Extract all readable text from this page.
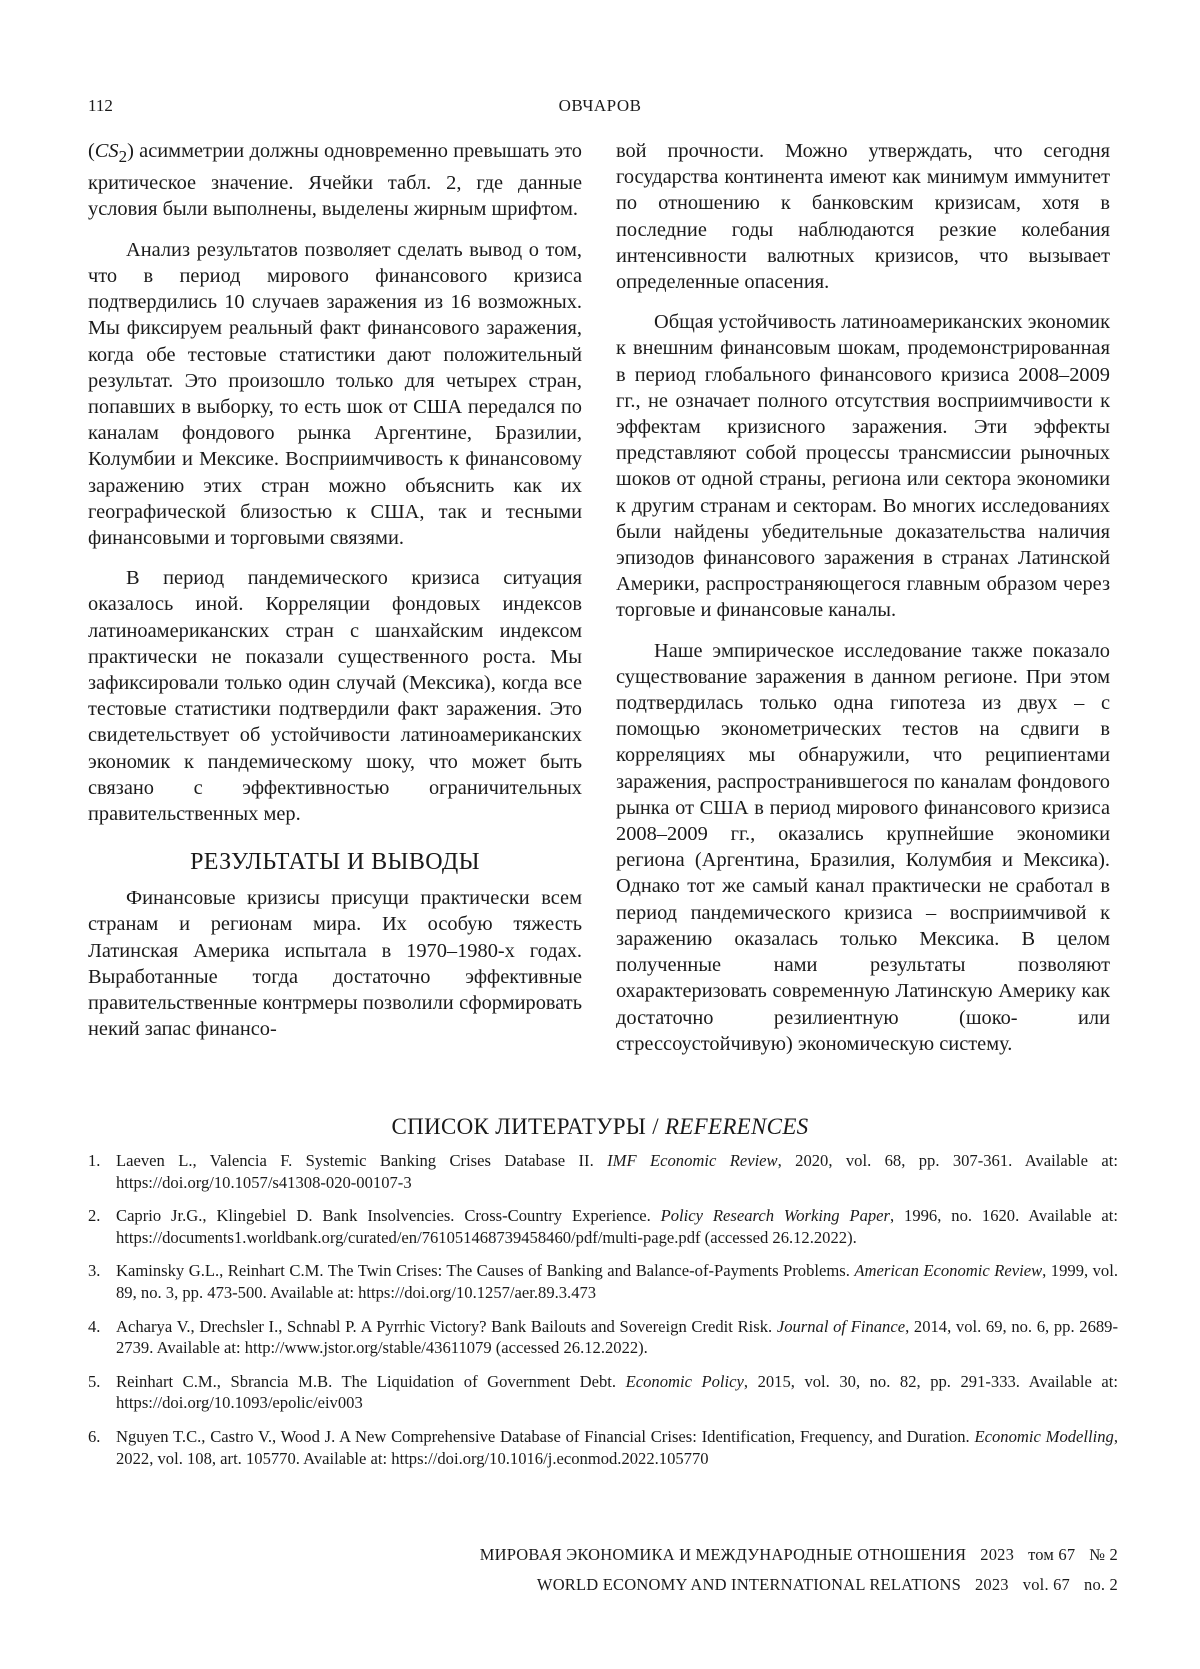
112	ОВЧАРОВ

$(CS_2)$ асимметрии должны одновременно превышать это критическое значение. Ячейки табл. 2, где данные условия были выполнены, выделены жирным шрифтом.

Анализ результатов позволяет сделать вывод о том, что в период мирового финансового кризиса подтвердились 10 случаев заражения из 16 возможных. Мы фиксируем реальный факт финансового заражения, когда обе тестовые статистики дают положительный результат. Это произошло только для четырех стран, попавших в выборку, то есть шок от США передался по каналам фондового рынка Аргентине, Бразилии, Колумбии и Мексике. Восприимчивость к финансовому заражению этих стран можно объяснить как их географической близостью к США, так и тесными финансовыми и торговыми связями.

В период пандемического кризиса ситуация оказалось иной. Корреляции фондовых индексов латиноамериканских стран с шанхайским индексом практически не показали существенного роста. Мы зафиксировали только один случай (Мексика), когда все тестовые статистики подтвердили факт заражения. Это свидетельствует об устойчивости латиноамериканских экономик к пандемическому шоку, что может быть связано с эффективностью ограничительных правительственных мер.

РЕЗУЛЬТАТЫ И ВЫВОДЫ

Финансовые кризисы присущи практически всем странам и регионам мира. Их особую тяжесть Латинская Америка испытала в 1970–1980-х годах. Выработанные тогда достаточно эффективные правительственные контрмеры позволили сформировать некий запас финансо-

вой прочности. Можно утверждать, что сегодня государства континента имеют как минимум иммунитет по отношению к банковским кризисам, хотя в последние годы наблюдаются резкие колебания интенсивности валютных кризисов, что вызывает определенные опасения.

Общая устойчивость латиноамериканских экономик к внешним финансовым шокам, продемонстрированная в период глобального финансового кризиса 2008–2009 гг., не означает полного отсутствия восприимчивости к эффектам кризисного заражения. Эти эффекты представляют собой процессы трансмиссии рыночных шоков от одной страны, региона или сектора экономики к другим странам и секторам. Во многих исследованиях были найдены убедительные доказательства наличия эпизодов финансового заражения в странах Латинской Америки, распространяющегося главным образом через торговые и финансовые каналы.

Наше эмпирическое исследование также показало существование заражения в данном регионе. При этом подтвердилась только одна гипотеза из двух – с помощью эконометрических тестов на сдвиги в корреляциях мы обнаружили, что реципиентами заражения, распространившегося по каналам фондового рынка от США в период мирового финансового кризиса 2008–2009 гг., оказались крупнейшие экономики региона (Аргентина, Бразилия, Колумбия и Мексика). Однако тот же самый канал практически не сработал в период пандемического кризиса – восприимчивой к заражению оказалась только Мексика. В целом полученные нами результаты позволяют охарактеризовать современную Латинскую Америку как достаточно резилиентную (шоко- или стрессоустойчивую) экономическую систему.

СПИСОК ЛИТЕРАТУРЫ / REFERENCES
1. Laeven L., Valencia F. Systemic Banking Crises Database II. IMF Economic Review, 2020, vol. 68, pp. 307-361. Available at: https://doi.org/10.1057/s41308-020-00107-3
2. Caprio Jr.G., Klingebiel D. Bank Insolvencies. Cross-Country Experience. Policy Research Working Paper, 1996, no. 1620. Available at: https://documents1.worldbank.org/curated/en/761051468739458460/pdf/multi-page.pdf (accessed 26.12.2022).
3. Kaminsky G.L., Reinhart C.M. The Twin Crises: The Causes of Banking and Balance-of-Payments Problems. American Economic Review, 1999, vol. 89, no. 3, pp. 473-500. Available at: https://doi.org/10.1257/aer.89.3.473
4. Acharya V., Drechsler I., Schnabl P. A Pyrrhic Victory? Bank Bailouts and Sovereign Credit Risk. Journal of Finance, 2014, vol. 69, no. 6, pp. 2689-2739. Available at: http://www.jstor.org/stable/43611079 (accessed 26.12.2022).
5. Reinhart C.M., Sbrancia M.B. The Liquidation of Government Debt. Economic Policy, 2015, vol. 30, no. 82, pp. 291-333. Available at: https://doi.org/10.1093/epolic/eiv003
6. Nguyen T.C., Castro V., Wood J. A New Comprehensive Database of Financial Crises: Identification, Frequency, and Duration. Economic Modelling, 2022, vol. 108, art. 105770. Available at: https://doi.org/10.1016/j.econmod.2022.105770
МИРОВАЯ ЭКОНОМИКА И МЕЖДУНАРОДНЫЕ ОТНОШЕНИЯ 2023 том 67 № 2
WORLD ECONOMY AND INTERNATIONAL RELATIONS 2023 vol. 67 no. 2
